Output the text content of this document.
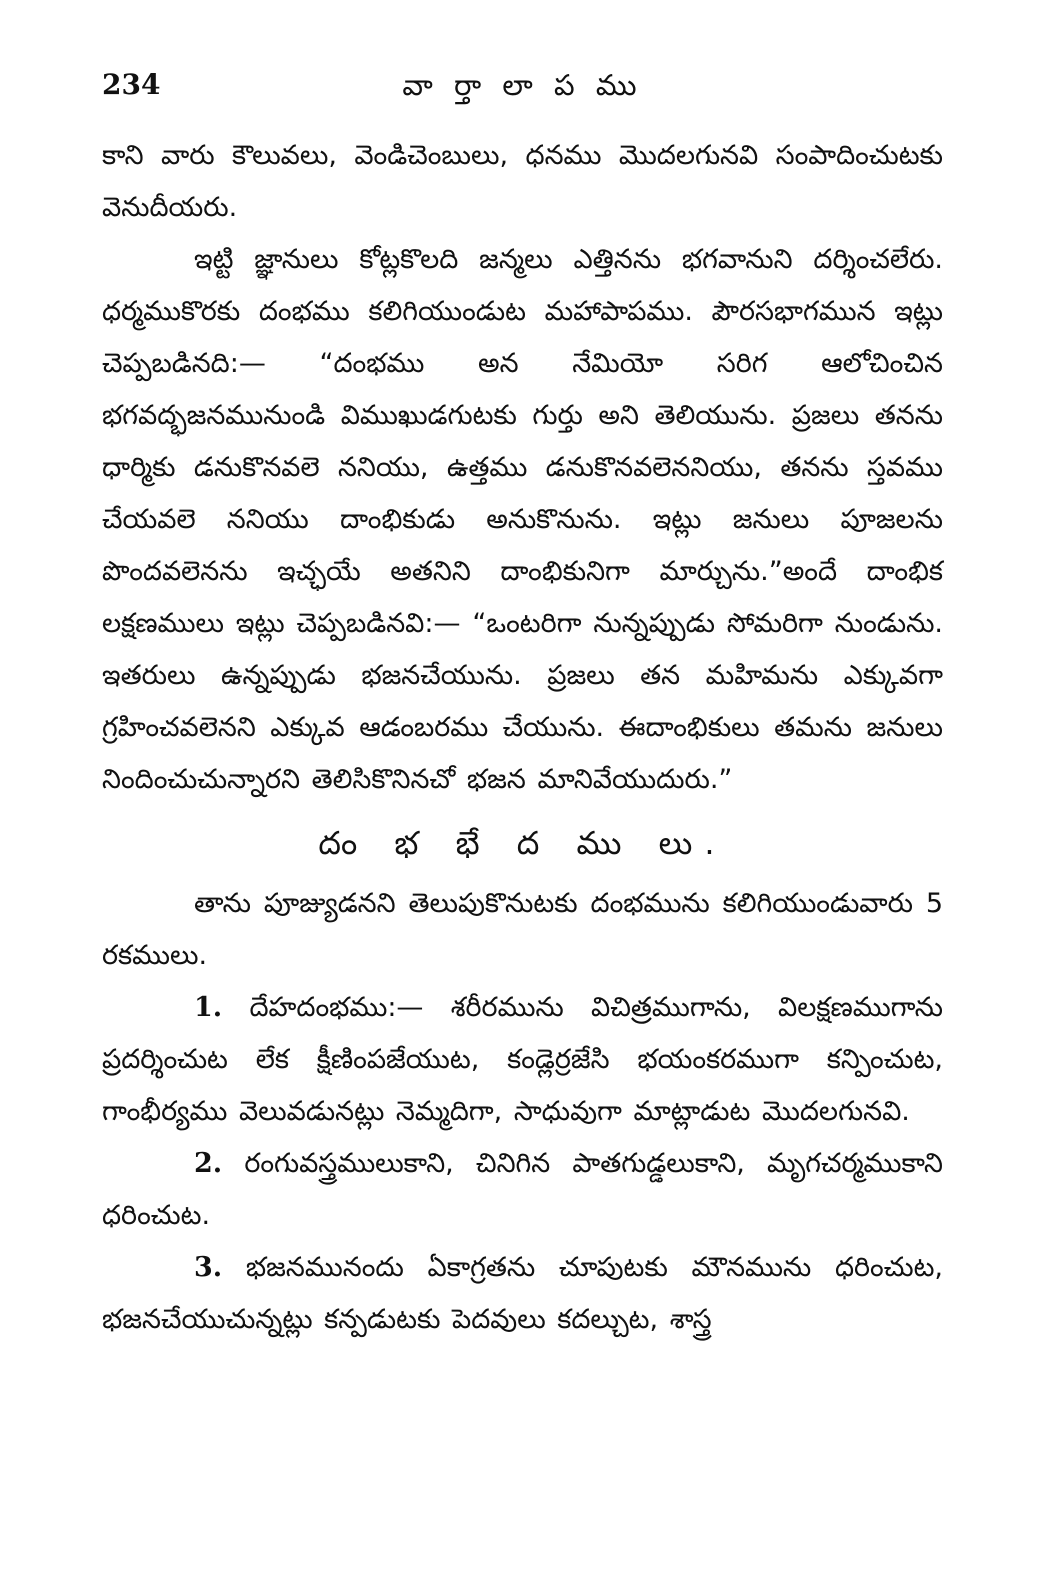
234	వా ర్తా లా ప ము

కాని వారు కౌలువలు, వెండిచెంబులు, ధనము మొదలగునవి సంపాదించుటకు వెనుదీయరు.

ఇట్టి జ్ఞానులు కోట్లకొలది జన్మలు ఎత్తినను భగవానుని దర్శించలేరు. ధర్మముకొరకు దంభము కలిగియుండుట మహాపాపము. పౌరసభాగమున ఇట్లు చెప్పబడినది:— “దంభము అన నేమియో సరిగ ఆలోచించిన భగవద్భజనమునుండి విముఖుడగుటకు గుర్తు అని తెలియును. ప్రజలు తనను ధార్మికు డనుకొనవలె ననియు, ఉత్తము డనుకొనవలెననియు, తనను స్తవము చేయవలె ననియు దాంభికుడు అనుకొనును. ఇట్లు జనులు పూజలను పొందవలెనను ఇచ్ఛయే అతనిని దాంభికునిగా మార్చును.”అందే దాంభిక లక్షణములు ఇట్లు చెప్పబడినవి:— “ఒంటరిగా నున్నప్పుడు సోమరిగా నుండును. ఇతరులు ఉన్నప్పుడు భజనచేయును. ప్రజలు తన మహిమను ఎక్కువగా గ్రహించవలెనని ఎక్కువ ఆడంబరము చేయును. ఈదాంభికులు తమను జనులు నిందించుచున్నారని తెలిసికొనినచో భజన మానివేయుదురు.”

దం భ భే ద ము లు.

తాను పూజ్యుడనని తెలుపుకొనుటకు దంభమును కలిగియుండువారు 5 రకములు.

1. దేహదంభము:— శరీరమును విచిత్రముగాను, విలక్షణముగాను ప్రదర్శించుట లేక క్షీణింపజేయుట, కండ్లెర్రజేసి భయంకరముగా కన్పించుట, గాంభీర్యము వెలువడునట్లు నెమ్మదిగా, సాధువుగా మాట్లాడుట మొదలగునవి.

2. రంగువస్త్రములుకాని, చినిగిన పాతగుడ్డలుకాని, మృగచర్మముకాని ధరించుట.

3. భజనమునందు ఏకాగ్రతను చూపుటకు మౌనమును ధరించుట, భజనచేయుచున్నట్లు కన్పడుటకు పెదవులు కదల్చుట, శాస్త్ర
